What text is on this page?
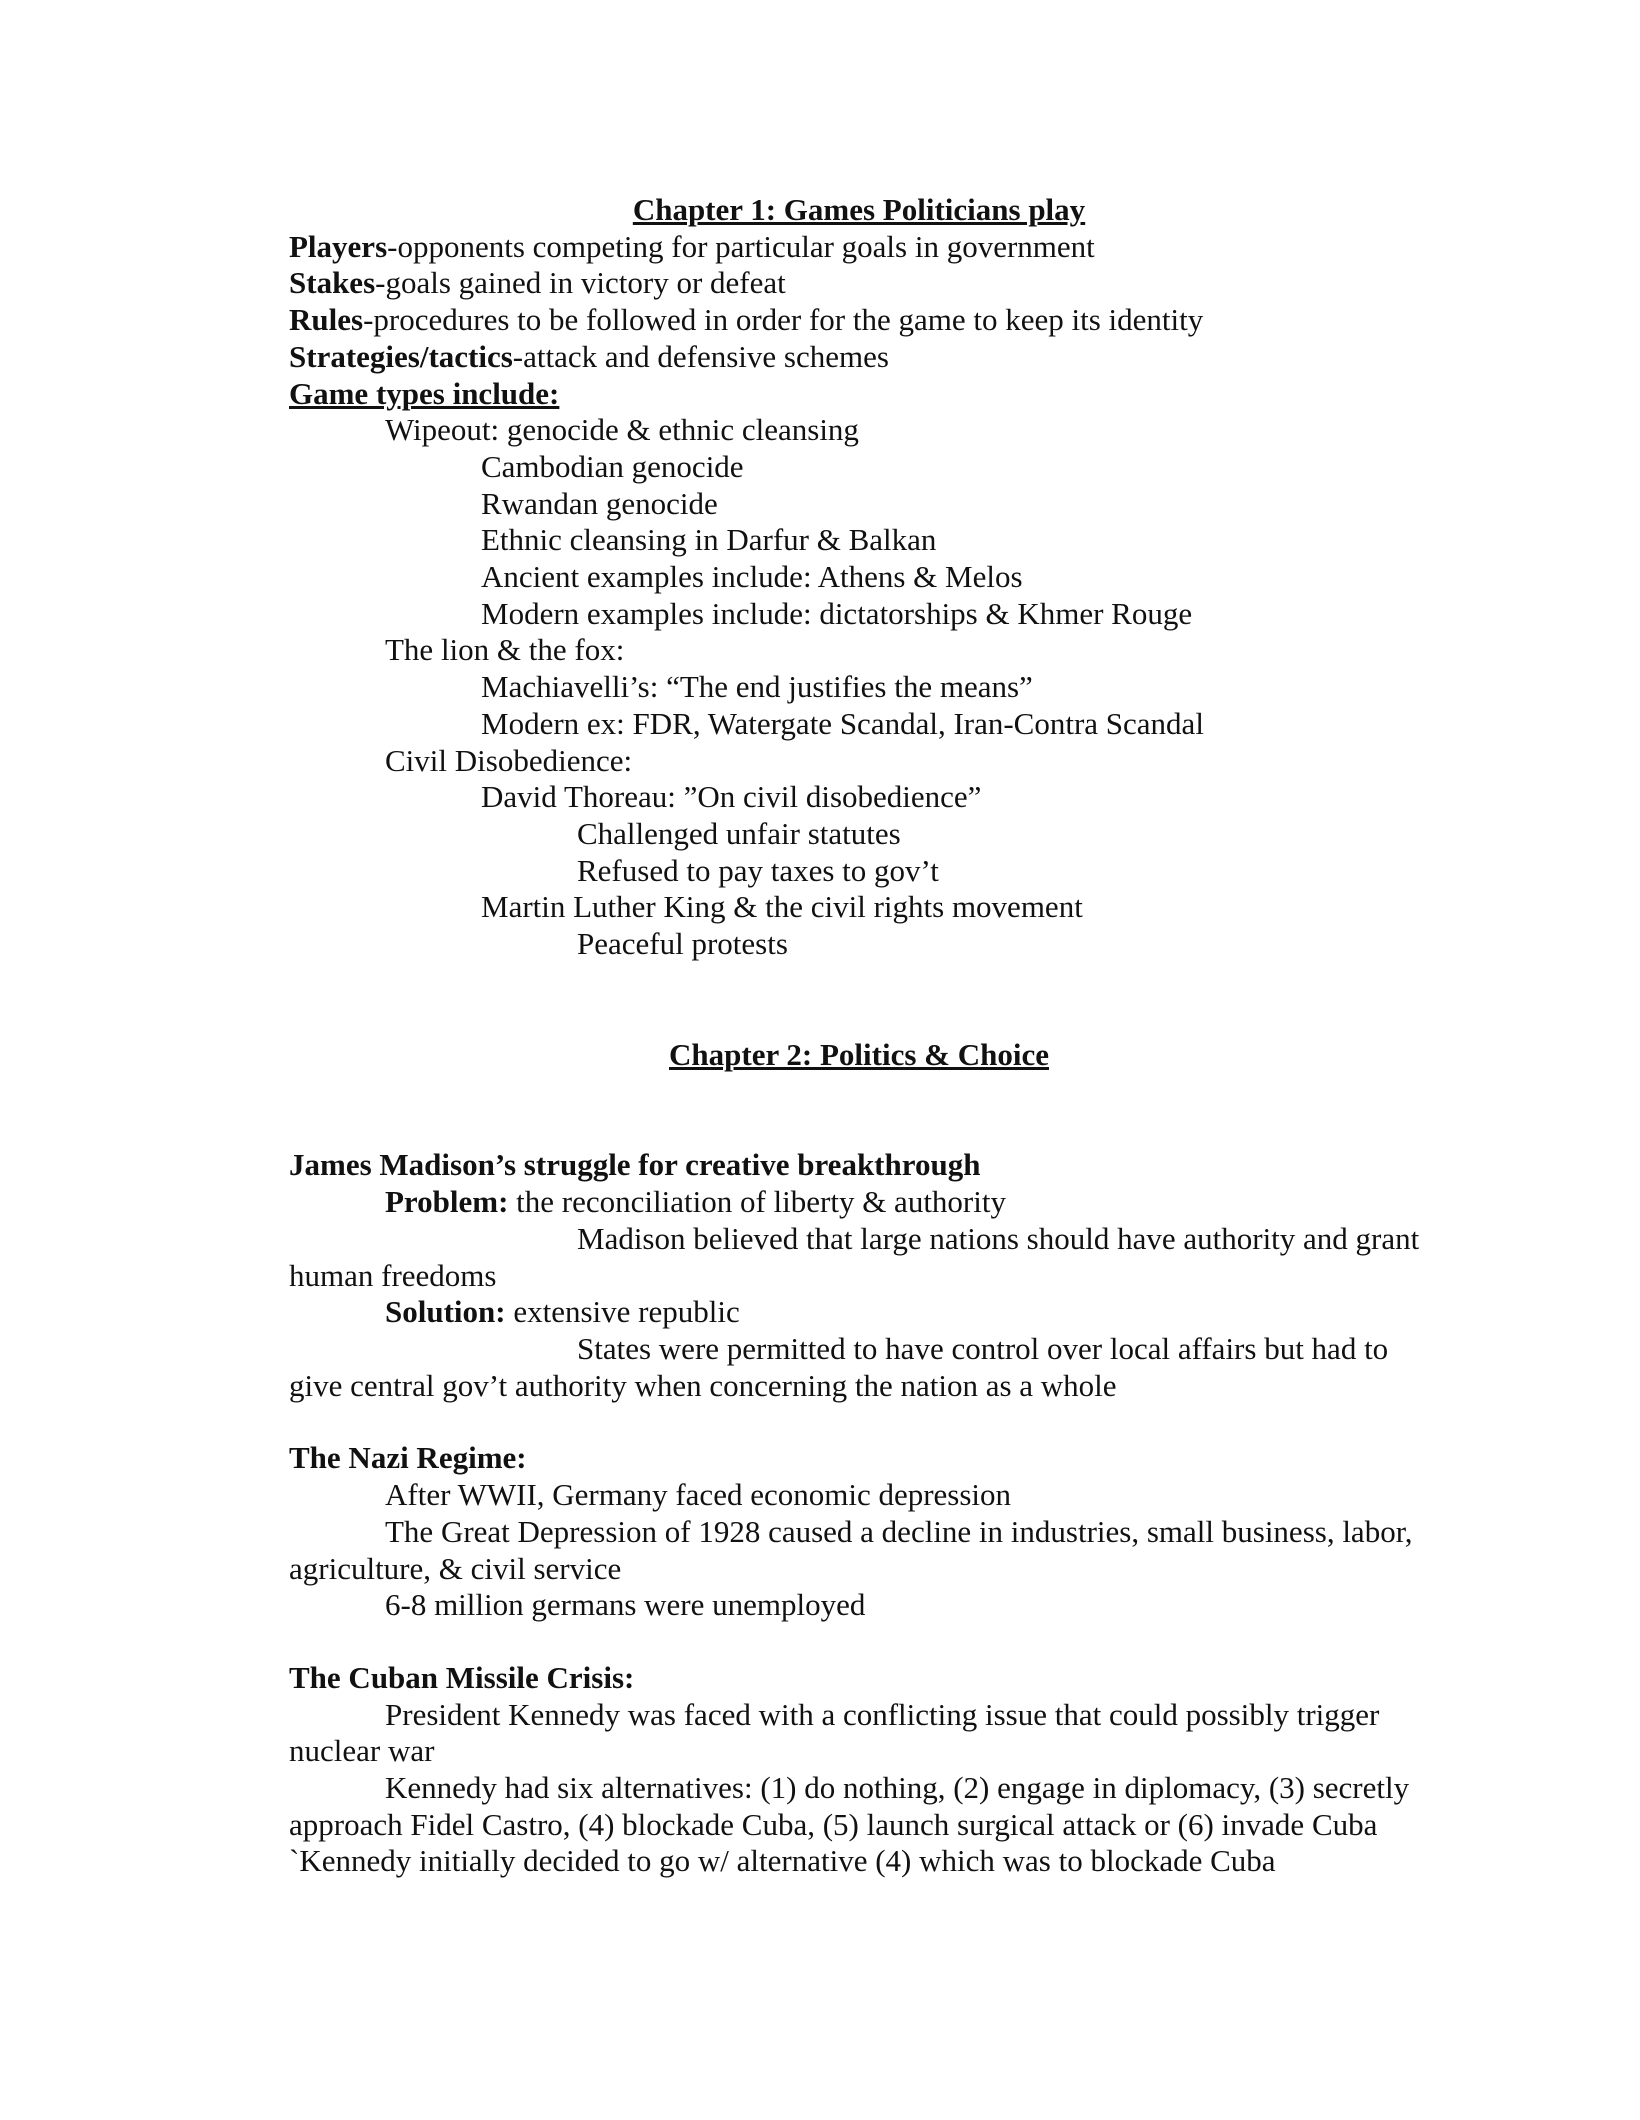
Chapter 1: Games Politicians play
Players-opponents competing for particular goals in government
Stakes-goals gained in victory or defeat
Rules-procedures to be followed in order for the game to keep its identity
Strategies/tactics-attack and defensive schemes
Game types include:
Wipeout: genocide & ethnic cleansing
Cambodian genocide
Rwandan genocide
Ethnic cleansing in Darfur & Balkan
Ancient examples include: Athens & Melos
Modern examples include: dictatorships & Khmer Rouge
The lion & the fox:
Machiavelli’s: “The end justifies the means”
Modern ex: FDR, Watergate Scandal, Iran-Contra Scandal
Civil Disobedience:
David Thoreau: ”On civil disobedience”
Challenged unfair statutes
Refused to pay taxes to gov’t
Martin Luther King & the civil rights movement
Peaceful protests
Chapter 2: Politics & Choice
James Madison’s struggle for creative breakthrough
Problem: the reconciliation of liberty & authority
Madison believed that large nations should have authority and grant human freedoms
Solution: extensive republic
States were permitted to have control over local affairs but had to give central gov’t authority when concerning the nation as a whole
The Nazi Regime:
After WWII, Germany faced economic depression
The Great Depression of 1928 caused a decline in industries, small business, labor, agriculture, & civil service
6-8 million germans were unemployed
The Cuban Missile Crisis:
President Kennedy was faced with a conflicting issue that could possibly trigger nuclear war
Kennedy had six alternatives: (1) do nothing, (2) engage in diplomacy, (3) secretly approach Fidel Castro, (4) blockade Cuba, (5) launch surgical attack or (6) invade Cuba
`Kennedy initially decided to go w/ alternative (4) which was to blockade Cuba
